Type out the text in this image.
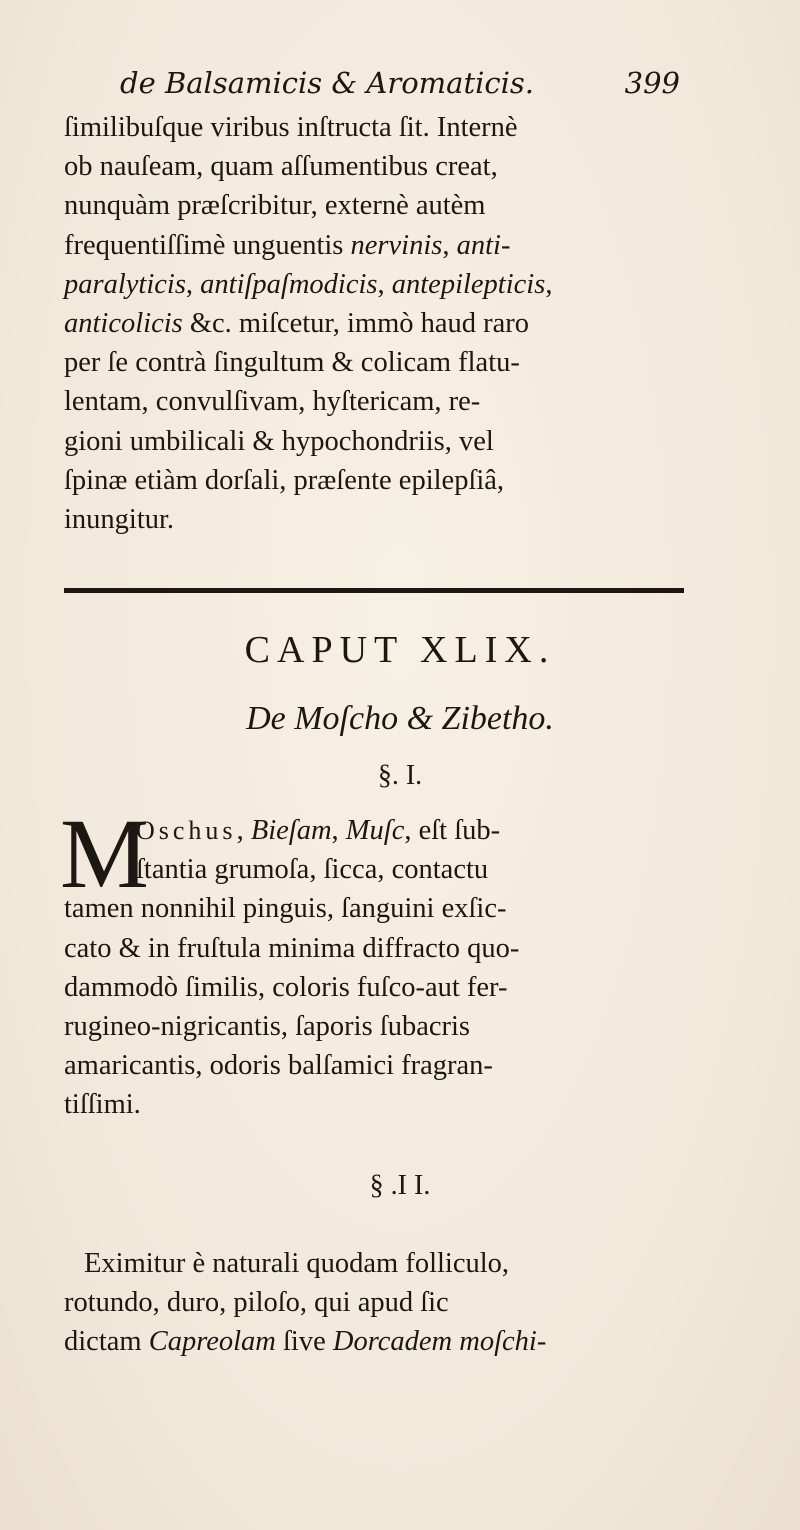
de Balsamicis & Aromaticis.	399
ſimilibuſque viribus inſtructa ſit. Internè
ob nauſeam, quam aſſumentibus creat,
nunquàm præſcribitur, externè autèm
frequentiſſimè unguentis nervinis, anti-
paralyticis, antiſpaſmodicis, antepilepticis,
anticolicis &c. miſcetur, immò haud raro
per ſe contrà ſingultum & colicam flatu-
lentam, convulſivam, hyſtericam, re-
gioni umbilicali & hypochondriis, vel
ſpinæ etiàm dorſali, præſente epilepſiâ,
inungitur.
CAPUT XLIX.
De Moſcho & Zibetho.
§. I.
M
Oschus, Bieſam, Muſc, eſt ſub-
ſtantia grumoſa, ſicca, contactu
tamen nonnihil pinguis, ſanguini exſic-
cato & in fruſtula minima diffracto quo-
dammodò ſimilis, coloris fuſco-aut fer-
rugineo-nigricantis, ſaporis ſubacris
amaricantis, odoris balſamici fragran-
tiſſimi.
§ .I I.
Eximitur è naturali quodam folliculo,
rotundo, duro, piloſo, qui apud ſic
dictam Capreolam ſive Dorcadem moſchi-
